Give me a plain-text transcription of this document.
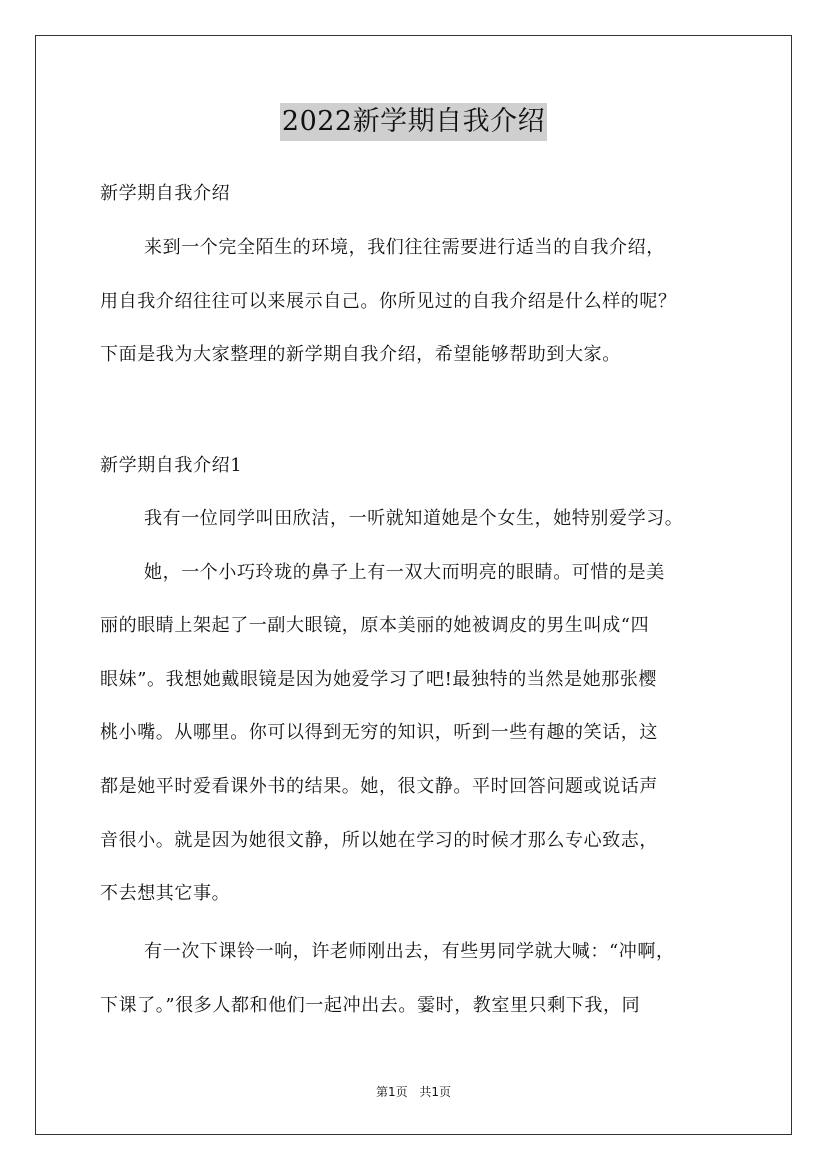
2022新学期自我介绍
新学期自我介绍
来到一个完全陌生的环境，我们往往需要进行适当的自我介绍，
用自我介绍往往可以来展示自己。你所见过的自我介绍是什么样的呢？
下面是我为大家整理的新学期自我介绍，希望能够帮助到大家。
新学期自我介绍1
我有一位同学叫田欣洁，一听就知道她是个女生，她特别爱学习。
她，一个小巧玲珑的鼻子上有一双大而明亮的眼睛。可惜的是美
丽的眼睛上架起了一副大眼镜，原本美丽的她被调皮的男生叫成“四
眼妹”。我想她戴眼镜是因为她爱学习了吧!最独特的当然是她那张樱
桃小嘴。从哪里。你可以得到无穷的知识，听到一些有趣的笑话，这
都是她平时爱看课外书的结果。她，很文静。平时回答问题或说话声
音很小。就是因为她很文静，所以她在学习的时候才那么专心致志，
不去想其它事。
有一次下课铃一响，许老师刚出去，有些男同学就大喊：“冲啊，
下课了。”很多人都和他们一起冲出去。霎时，教室里只剩下我，同
第1页 共1页
